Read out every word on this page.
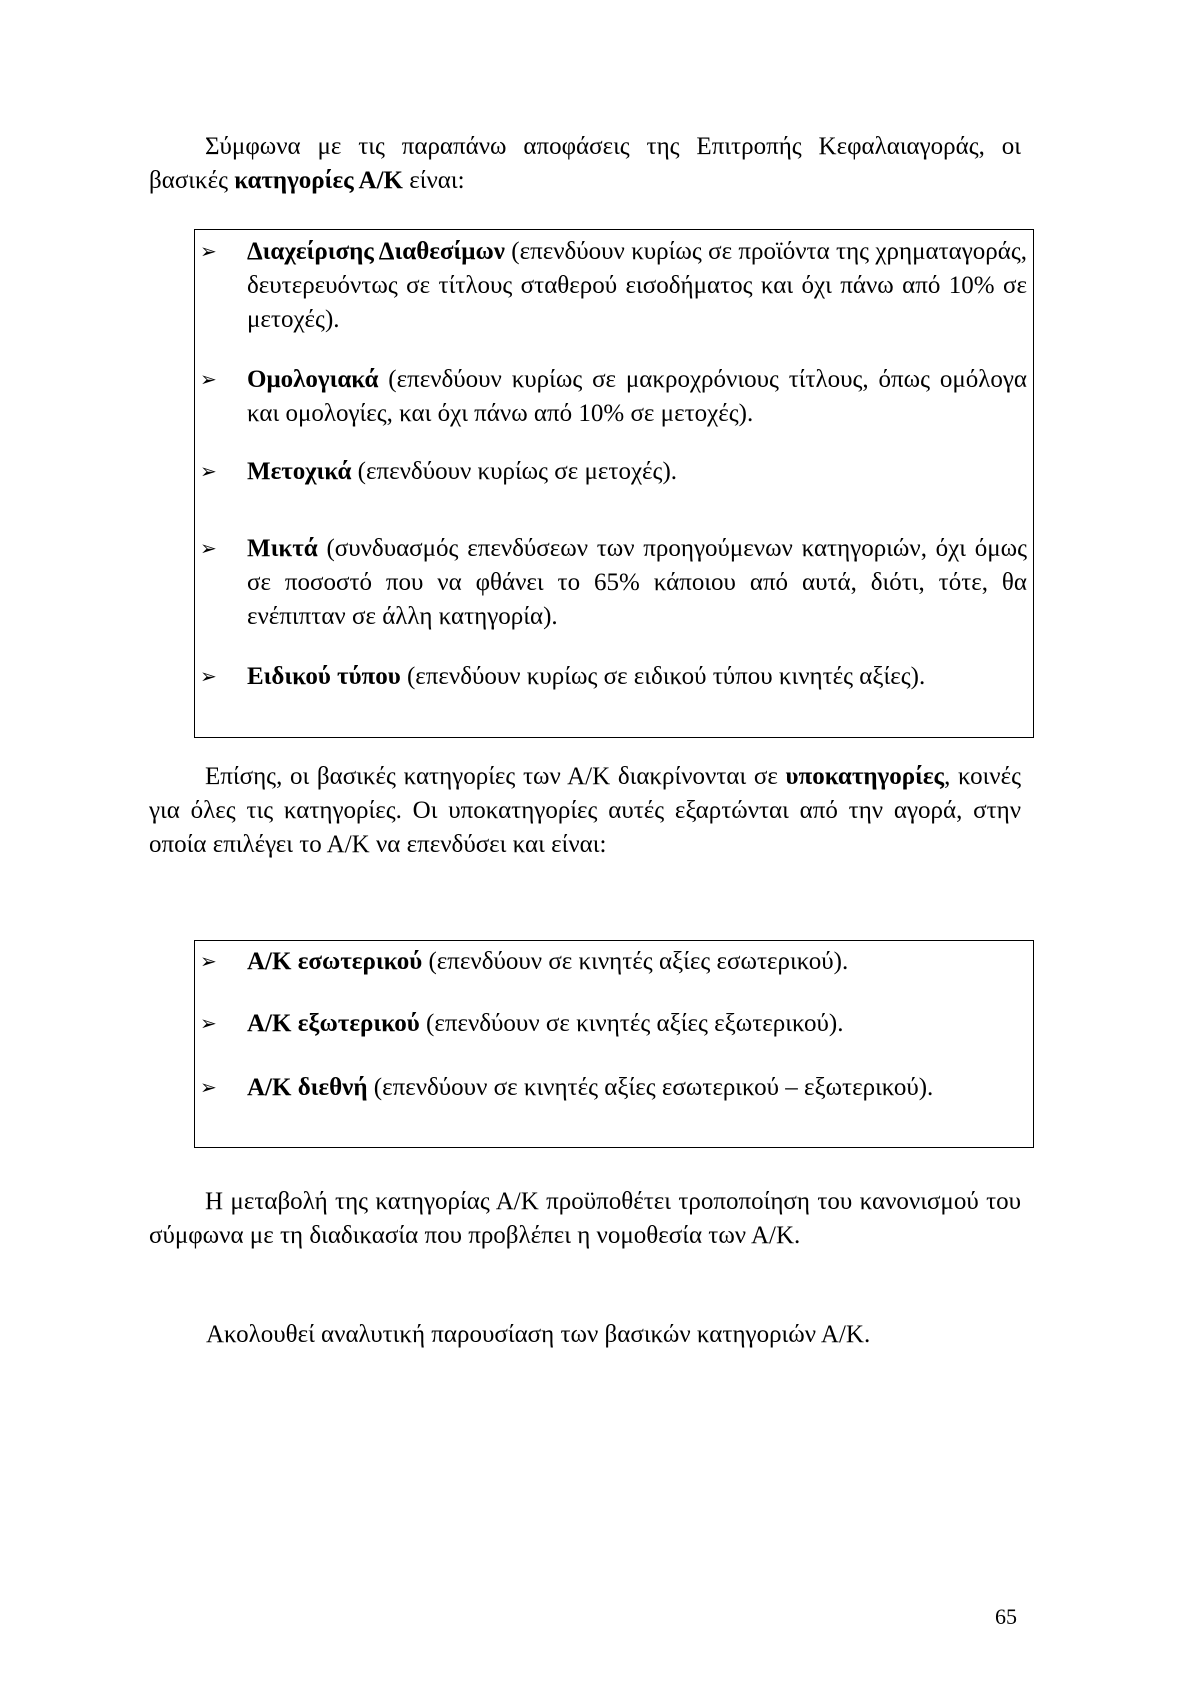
Σύμφωνα με τις παραπάνω αποφάσεις της Επιτροπής Κεφαλαιαγοράς, οι βασικές κατηγορίες Α/Κ είναι:

➢ Διαχείρισης Διαθεσίμων (επενδύουν κυρίως σε προϊόντα της χρηματαγοράς, δευτερευόντως σε τίτλους σταθερού εισοδήματος και όχι πάνω από 10% σε μετοχές).
➢ Ομολογιακά (επενδύουν κυρίως σε μακροχρόνιους τίτλους, όπως ομόλογα και ομολογίες, και όχι πάνω από 10% σε μετοχές).
➢ Μετοχικά (επενδύουν κυρίως σε μετοχές).
➢ Μικτά (συνδυασμός επενδύσεων των προηγούμενων κατηγοριών, όχι όμως σε ποσοστό που να φθάνει το 65% κάποιου από αυτά, διότι, τότε, θα ενέπιπταν σε άλλη κατηγορία).
➢ Ειδικού τύπου (επενδύουν κυρίως σε ειδικού τύπου κινητές αξίες).

Επίσης, οι βασικές κατηγορίες των Α/Κ διακρίνονται σε υποκατηγορίες, κοινές για όλες τις κατηγορίες. Οι υποκατηγορίες αυτές εξαρτώνται από την αγορά, στην οποία επιλέγει το Α/Κ να επενδύσει και είναι:

➢ Α/Κ εσωτερικού (επενδύουν σε κινητές αξίες εσωτερικού).
➢ Α/Κ εξωτερικού (επενδύουν σε κινητές αξίες εξωτερικού).
➢ Α/Κ διεθνή (επενδύουν σε κινητές αξίες εσωτερικού – εξωτερικού).

Η μεταβολή της κατηγορίας Α/Κ προϋποθέτει τροποποίηση του κανονισμού του σύμφωνα με τη διαδικασία που προβλέπει η νομοθεσία των Α/Κ.

Ακολουθεί αναλυτική παρουσίαση των βασικών κατηγοριών Α/Κ.

65
